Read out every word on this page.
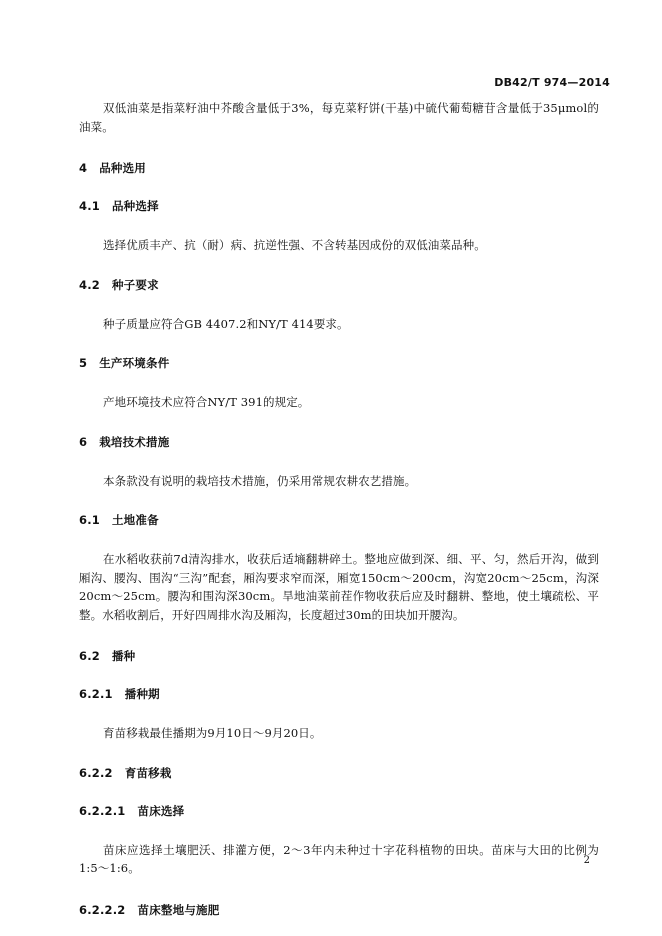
DB42/T 974—2014

双低油菜是指菜籽油中芥酸含量低于3%，每克菜籽饼(干基)中硫代葡萄糖苷含量低于35μmol的油菜。

4 品种选用

4.1 品种选择

选择优质丰产、抗（耐）病、抗逆性强、不含转基因成份的双低油菜品种。

4.2 种子要求

种子质量应符合GB 4407.2和NY/T 414要求。

5 生产环境条件

产地环境技术应符合NY/T 391的规定。

6 栽培技术措施

本条款没有说明的栽培技术措施，仍采用常规农耕农艺措施。

6.1 土地准备

在水稻收获前7d清沟排水，收获后适墒翻耕碎土。整地应做到深、细、平、匀，然后开沟，做到厢沟、腰沟、围沟“三沟”配套，厢沟要求窄而深，厢宽150cm～200cm，沟宽20cm～25cm，沟深20cm～25cm。腰沟和围沟深30cm。旱地油菜前茬作物收获后应及时翻耕、整地，使土壤疏松、平整。水稻收割后，开好四周排水沟及厢沟，长度超过30m的田块加开腰沟。

6.2 播种

6.2.1 播种期

育苗移栽最佳播期为9月10日～9月20日。

6.2.2 育苗移栽

6.2.2.1 苗床选择

苗床应选择土壤肥沃、排灌方便，2～3年内未种过十字花科植物的田块。苗床与大田的比例为1:5～1:6。

6.2.2.2 苗床整地与施肥

2
